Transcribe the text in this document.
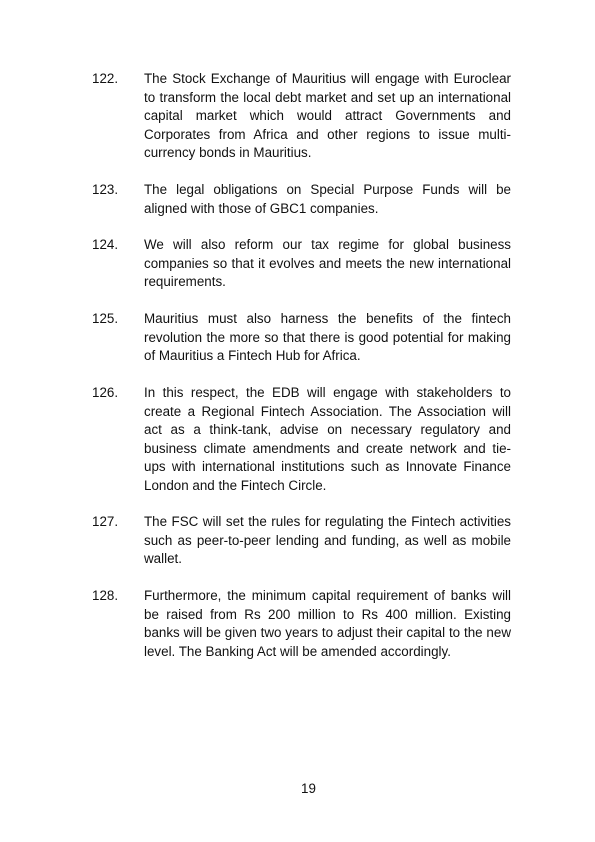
122.	The Stock Exchange of Mauritius will engage with Euroclear to transform the local debt market and set up an international capital market which would attract Governments and Corporates from Africa and other regions to issue multi-currency bonds in Mauritius.
123.	The legal obligations on Special Purpose Funds will be aligned with those of GBC1 companies.
124.	We will also reform our tax regime for global business companies so that it evolves and meets the new international requirements.
125.	Mauritius must also harness the benefits of the fintech revolution the more so that there is good potential for making of Mauritius a Fintech Hub for Africa.
126.	In this respect, the EDB will engage with stakeholders to create a Regional Fintech Association. The Association will act as a think-tank, advise on necessary regulatory and business climate amendments and create network and tie-ups with international institutions such as Innovate Finance London and the Fintech Circle.
127.	The FSC will set the rules for regulating the Fintech activities such as peer-to-peer lending and funding, as well as mobile wallet.
128.	Furthermore, the minimum capital requirement of banks will be raised from Rs 200 million to Rs 400 million. Existing banks will be given two years to adjust their capital to the new level. The Banking Act will be amended accordingly.
19
